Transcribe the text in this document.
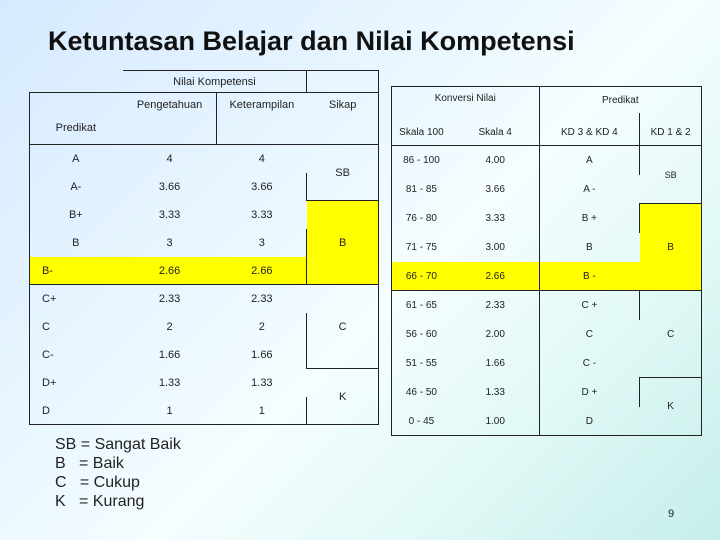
Ketuntasan Belajar dan Nilai Kompetensi
	Nilai Kompetensi		
Predikat	Pengetahuan	Keterampilan	Sikap
A	4	4	SB
A-	3.66	3.66	
B+	3.33	3.33	B
B	3	3	
B-	2.66	2.66	
C+	2.33	2.33	C
C	2	2	
C-	1.66	1.66	
D+	1.33	1.33	K
D	1	1	
Konversi Nilai		Predikat	
Skala 100	Skala 4	KD 3 & KD 4	KD 1 & 2
86 - 100	4.00	A	SB
81 - 85	3.66	A -	
76 - 80	3.33	B +	B
71 - 75	3.00	B	
66 - 70	2.66	B -	
61 - 65	2.33	C +	C
56 - 60	2.00	C	
51 - 55	1.66	C -	
46 - 50	1.33	D +	K
0 - 45	1.00	D	
SB = Sangat Baik
B   = Baik
C   = Cukup
K   = Kurang
9
